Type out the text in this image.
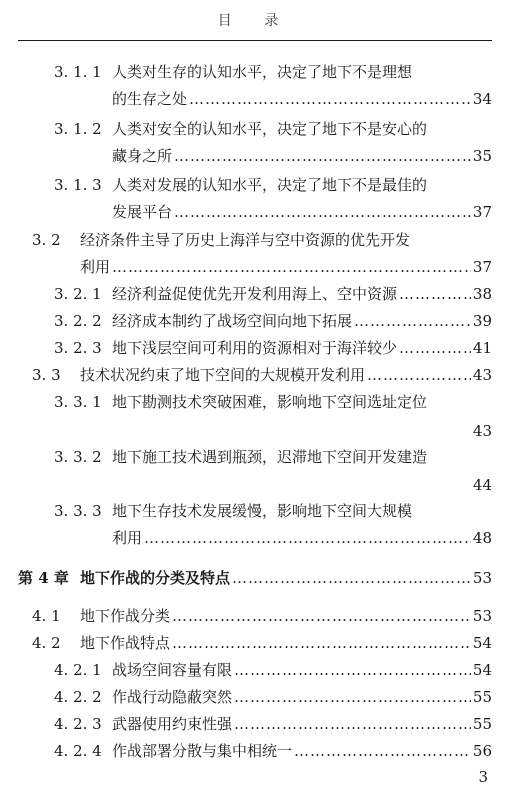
目 录
3. 1. 1 人类对生存的认知水平，决定了地下不是理想
的生存之处 ……………………………………………………………………………………………………………………	34
3. 1. 2 人类对安全的认知水平，决定了地下不是安心的
藏身之所 ……………………………………………………………………………………………………………………	35
3. 1. 3 人类对发展的认知水平，决定了地下不是最佳的
发展平台 ……………………………………………………………………………………………………………………	37
3. 2	经济条件主导了历史上海洋与空中资源的优先开发
利用 ……………………………………………………………………………………………………………………	37
3. 2. 1 经济利益促使优先开发利用海上、空中资源 ……………………………………………………………………………………………………………………	38
3. 2. 2 经济成本制约了战场空间向地下拓展 ……………………………………………………………………………………………………………………	39
3. 2. 3 地下浅层空间可利用的资源相对于海洋较少 ……………………………………………………………………………………………………………………	41
3. 3	技术状况约束了地下空间的大规模开发利用 ……………………………………………………………………………………………………………………	43
3. 3. 1 地下勘测技术突破困难，影响地下空间选址定位
43
3. 3. 2 地下施工技术遇到瓶颈，迟滞地下空间开发建造
44
3. 3. 3 地下生存技术发展缓慢，影响地下空间大规模
利用 ……………………………………………………………………………………………………………………	48
第 4 章 地下作战的分类及特点 ……………………………………………………………………………………………………………………	53
4. 1	地下作战分类 ……………………………………………………………………………………………………………………	53
4. 2	地下作战特点 ……………………………………………………………………………………………………………………	54
4. 2. 1 战场空间容量有限 ……………………………………………………………………………………………………………………	54
4. 2. 2 作战行动隐蔽突然 ……………………………………………………………………………………………………………………	55
4. 2. 3 武器使用约束性强 ……………………………………………………………………………………………………………………	55
4. 2. 4 作战部署分散与集中相统一 ……………………………………………………………………………………………………………………	56
3
